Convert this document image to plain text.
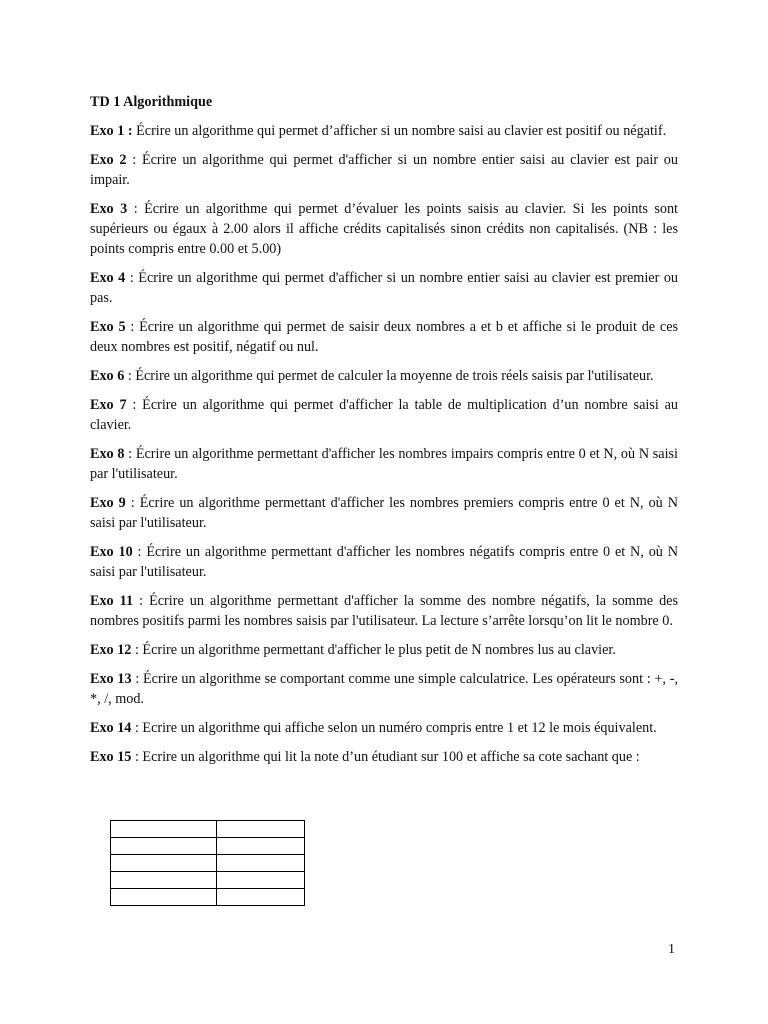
TD 1 Algorithmique
Exo 1 : Écrire un algorithme qui permet d’afficher si un nombre saisi au clavier est positif ou négatif.
Exo 2 : Écrire un algorithme qui permet d'afficher si un nombre entier saisi au clavier est pair ou impair.
Exo 3 : Écrire un algorithme qui permet d’évaluer les points saisis au clavier. Si les points sont supérieurs ou égaux à 2.00 alors il affiche crédits capitalisés sinon crédits non capitalisés. (NB : les points compris entre 0.00 et 5.00)
Exo 4 : Écrire un algorithme qui permet d'afficher si un nombre entier saisi au clavier est premier ou pas.
Exo 5 : Écrire un algorithme qui permet de saisir deux nombres a et b et affiche si le produit de ces deux nombres est positif, négatif ou nul.
Exo 6 : Écrire un algorithme qui permet de calculer la moyenne de trois réels saisis par l'utilisateur.
Exo 7 : Écrire un algorithme qui permet d'afficher la table de multiplication d’un nombre saisi au clavier.
Exo 8 : Écrire un algorithme permettant d'afficher les nombres impairs compris entre 0 et N, où N saisi par l'utilisateur.
Exo 9 : Écrire un algorithme permettant d'afficher les nombres premiers compris entre 0 et N, où N saisi par l'utilisateur.
Exo 10 : Écrire un algorithme permettant d'afficher les nombres négatifs compris entre 0 et N, où N saisi par l'utilisateur.
Exo 11 : Écrire un algorithme permettant d'afficher la somme des nombre négatifs, la somme des nombres positifs parmi les nombres saisis par l'utilisateur. La lecture s’arrête lorsqu’on lit le nombre 0.
Exo 12 : Écrire un algorithme permettant d'afficher le plus petit de N nombres lus au clavier.
Exo 13 : Écrire un algorithme se comportant comme une simple calculatrice. Les opérateurs sont : +, -, *, /, mod.
Exo 14 : Ecrire un algorithme qui affiche selon un numéro compris entre 1 et 12 le mois équivalent.
Exo 15 : Ecrire un algorithme qui lit la note d’un étudiant sur 100 et affiche sa cote sachant que :

1
